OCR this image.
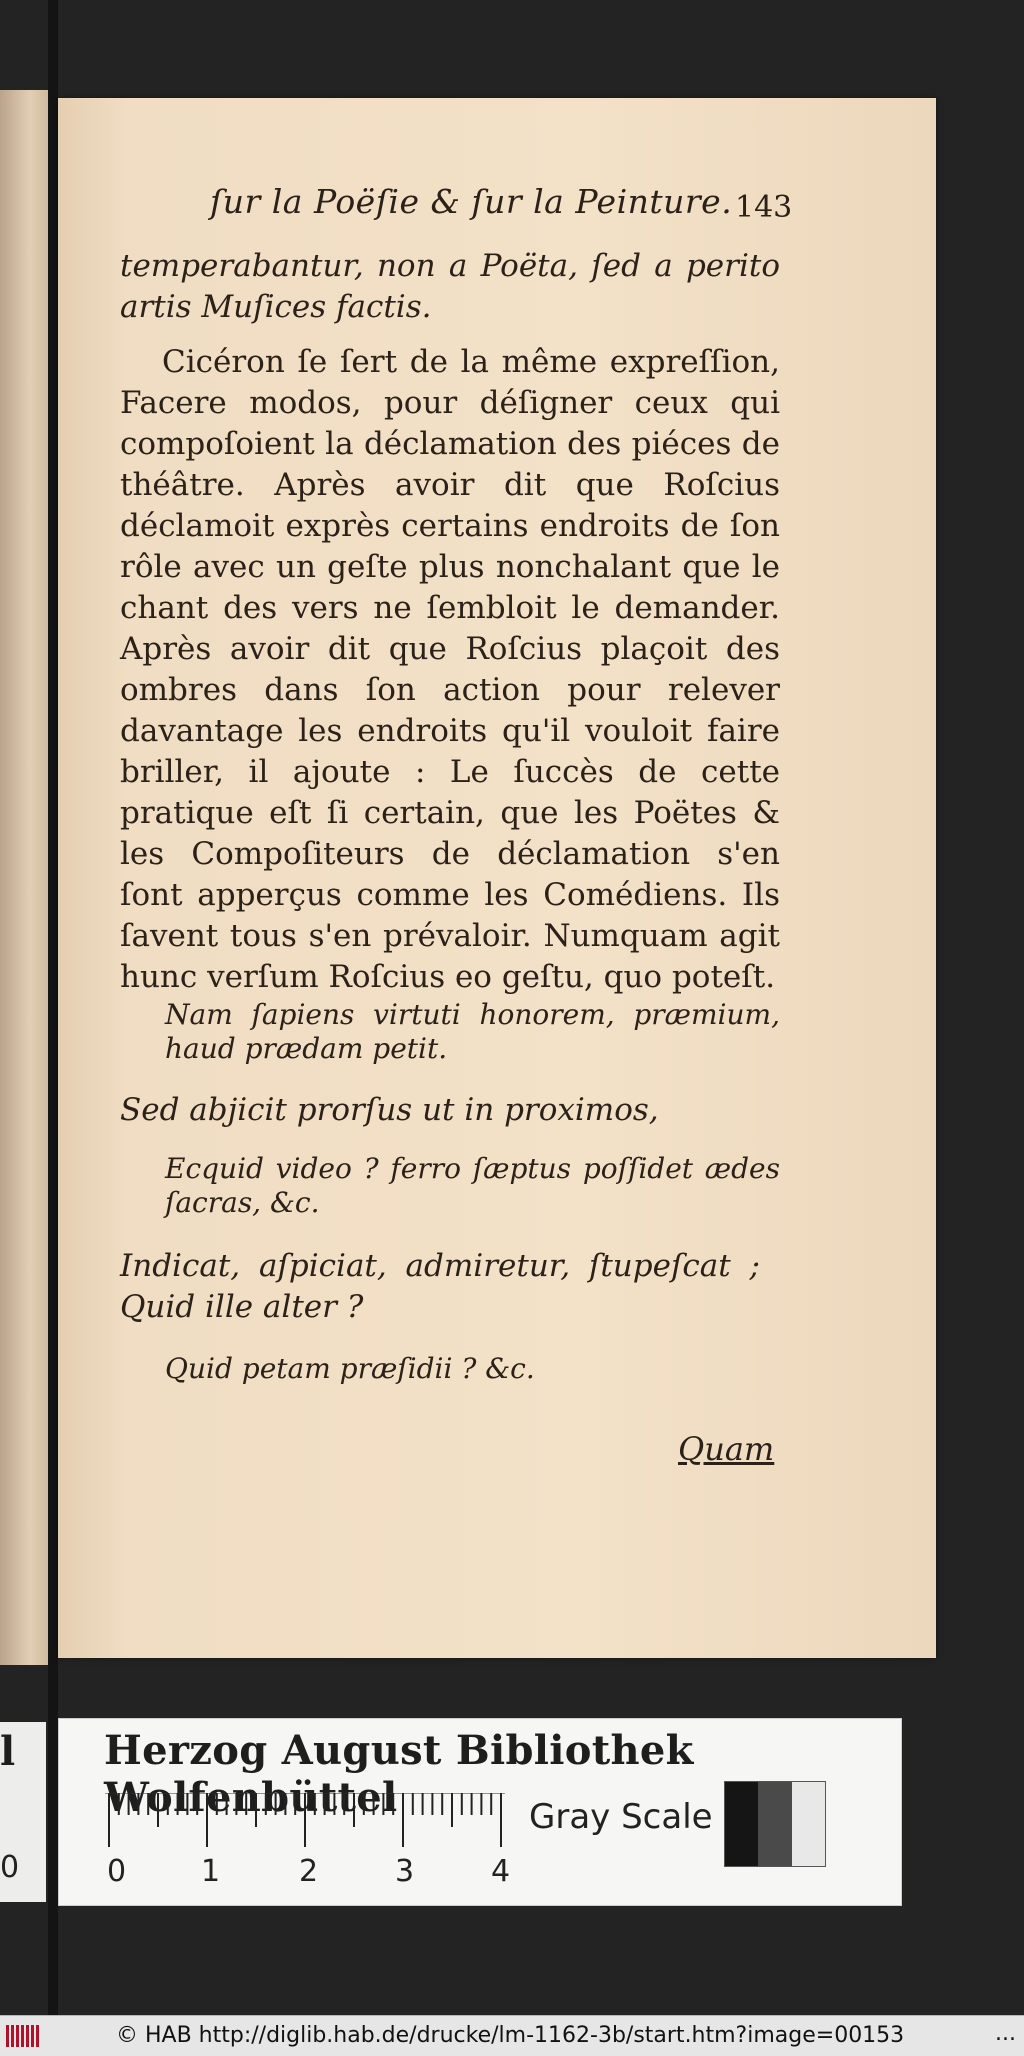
ſur la Poëſie & ſur la Peinture. 143
temperabantur, non a Poëta, ſed a perito artis Muſices factis.
Cicéron ſe ſert de la même expreſſion, Facere modos, pour déſigner ceux qui compoſoient la déclamation des piéces de théâtre. Après avoir dit que Roſcius déclamoit exprès certains endroits de ſon rôle avec un geſte plus nonchalant que le chant des vers ne ſembloit le demander. Après avoir dit que Roſcius plaçoit des ombres dans ſon action pour relever davantage les endroits qu'il vouloit faire briller, il ajoute : Le ſuccès de cette pratique eſt ſi certain, que les Poëtes & les Compoſiteurs de déclamation s'en ſont apperçus comme les Comédiens. Ils ſavent tous s'en prévaloir. Numquam agit hunc verſum Roſcius eo geſtu, quo poteſt.
Nam ſapiens virtuti honorem, præmium, haud prædam petit.
Sed abjicit prorſus ut in proximos,
Ecquid video ? ferro ſæptus poſſidet ædes ſacras, &c.
Indicat, aſpiciat, admiretur, ſtupeſcat ; Quid ille alter ?
Quid petam præſidii ? &c.
Quam
l
0
Herzog August Bibliothek Wolfenbüttel
0 1	2	3	4
Gray Scale
© HAB http://diglib.hab.de/drucke/lm-1162-3b/start.htm?image=00153	...
